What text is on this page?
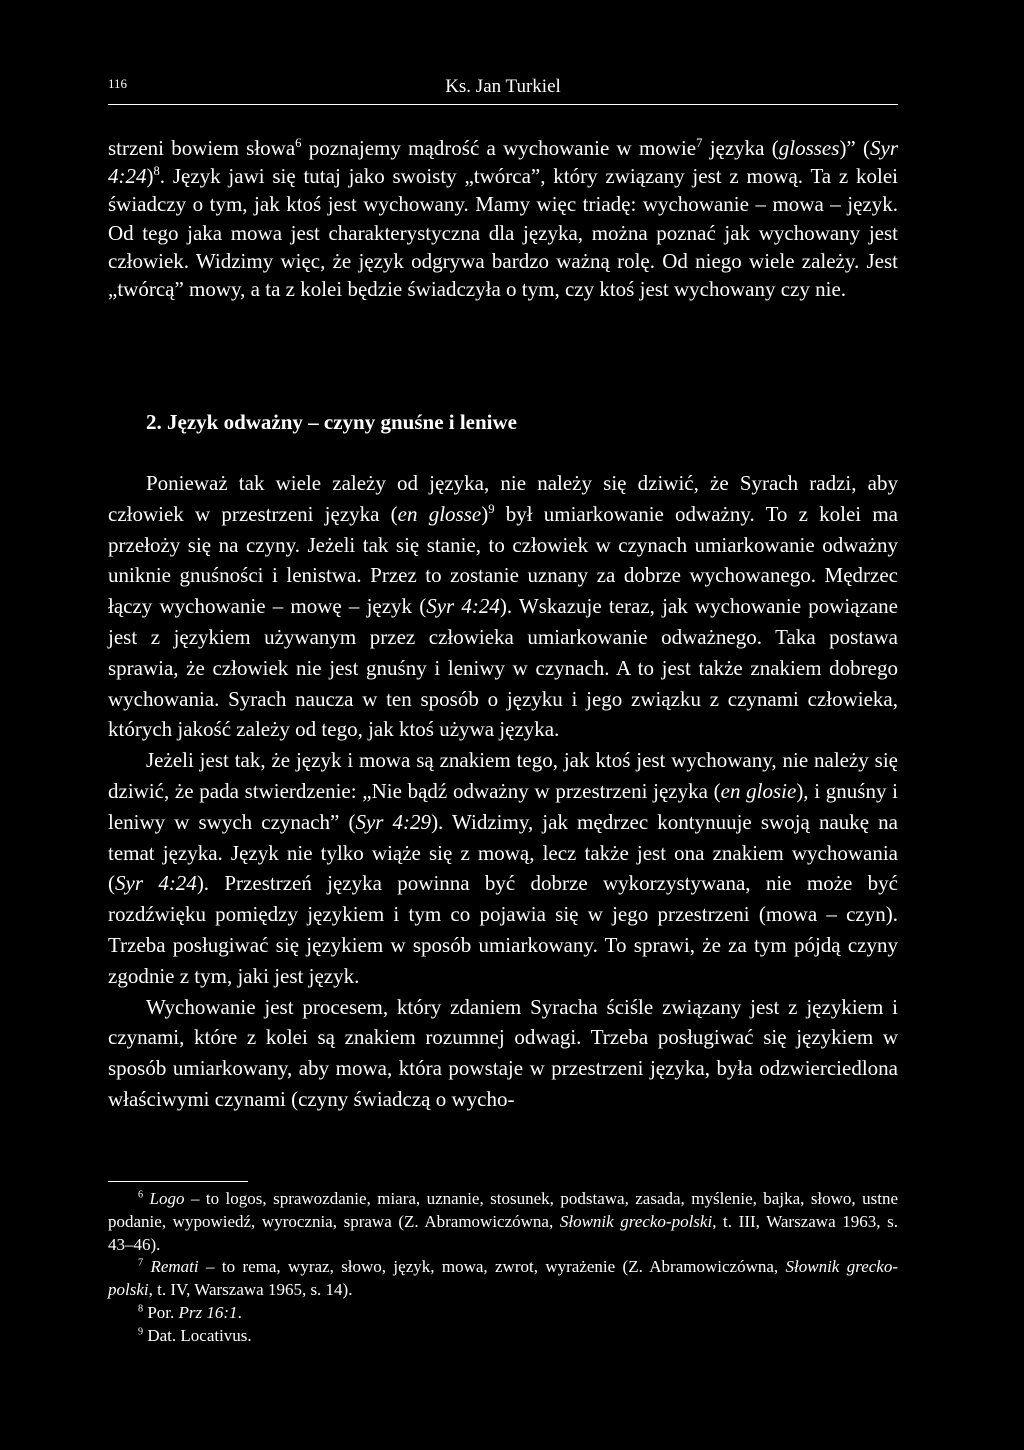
116	Ks. Jan Turkiel

strzeni bowiem słowa$^6$ poznajemy mądrość a wychowanie w mowie$^7$ języka (glosses)” (Syr 4:24)$^8$. Język jawi się tutaj jako swoisty „twórca”, który związany jest z mową. Ta z kolei świadczy o tym, jak ktoś jest wychowany. Mamy więc triadę: wychowanie – mowa – język. Od tego jaka mowa jest charakterystyczna dla języka, można poznać jak wychowany jest człowiek. Widzimy więc, że język odgrywa bardzo ważną rolę. Od niego wiele zależy. Jest „twórcą” mowy, a ta z kolei będzie świadczyła o tym, czy ktoś jest wychowany czy nie.

2. Język odważny – czyny gnuśne i leniwe

Ponieważ tak wiele zależy od języka, nie należy się dziwić, że Syrach radzi, aby człowiek w przestrzeni języka (en glosse)$^9$ był umiarkowanie odważny. To z kolei ma przełoży się na czyny. Jeżeli tak się stanie, to człowiek w czynach umiarkowanie odważny uniknie gnuśności i lenistwa. Przez to zostanie uznany za dobrze wychowanego. Mędrzec łączy wychowanie – mowę – język (Syr 4:24). Wskazuje teraz, jak wychowanie powiązane jest z językiem używanym przez człowieka umiarkowanie odważnego. Taka postawa sprawia, że człowiek nie jest gnuśny i leniwy w czynach. A to jest także znakiem dobrego wychowania. Syrach naucza w ten sposób o języku i jego związku z czynami człowieka, których jakość zależy od tego, jak ktoś używa języka.

Jeżeli jest tak, że język i mowa są znakiem tego, jak ktoś jest wychowany, nie należy się dziwić, że pada stwierdzenie: „Nie bądź odważny w przestrzeni języka (en glosie), i gnuśny i leniwy w swych czynach” (Syr 4:29). Widzimy, jak mędrzec kontynuuje swoją naukę na temat języka. Język nie tylko wiąże się z mową, lecz także jest ona znakiem wychowania (Syr 4:24). Przestrzeń języka powinna być dobrze wykorzystywana, nie może być rozdźwięku pomiędzy językiem i tym co pojawia się w jego przestrzeni (mowa – czyn). Trzeba posługiwać się językiem w sposób umiarkowany. To sprawi, że za tym pójdą czyny zgodnie z tym, jaki jest język.

Wychowanie jest procesem, który zdaniem Syracha ściśle związany jest z językiem i czynami, które z kolei są znakiem rozumnej odwagi. Trzeba posługiwać się językiem w sposób umiarkowany, aby mowa, która powstaje w przestrzeni języka, była odzwierciedlona właściwymi czynami (czyny świadczą o wycho-

$^6$ Logo – to logos, sprawozdanie, miara, uznanie, stosunek, podstawa, zasada, myślenie, bajka, słowo, ustne podanie, wypowiedź, wyrocznia, sprawa (Z. Abramowiczówna, Słownik grecko-polski, t. III, Warszawa 1963, s. 43–46).

$^7$ Remati – to rema, wyraz, słowo, język, mowa, zwrot, wyrażenie (Z. Abramowiczówna, Słownik grecko-polski, t. IV, Warszawa 1965, s. 14).

$^8$ Por. Prz 16:1.

$^9$ Dat. Locativus.
